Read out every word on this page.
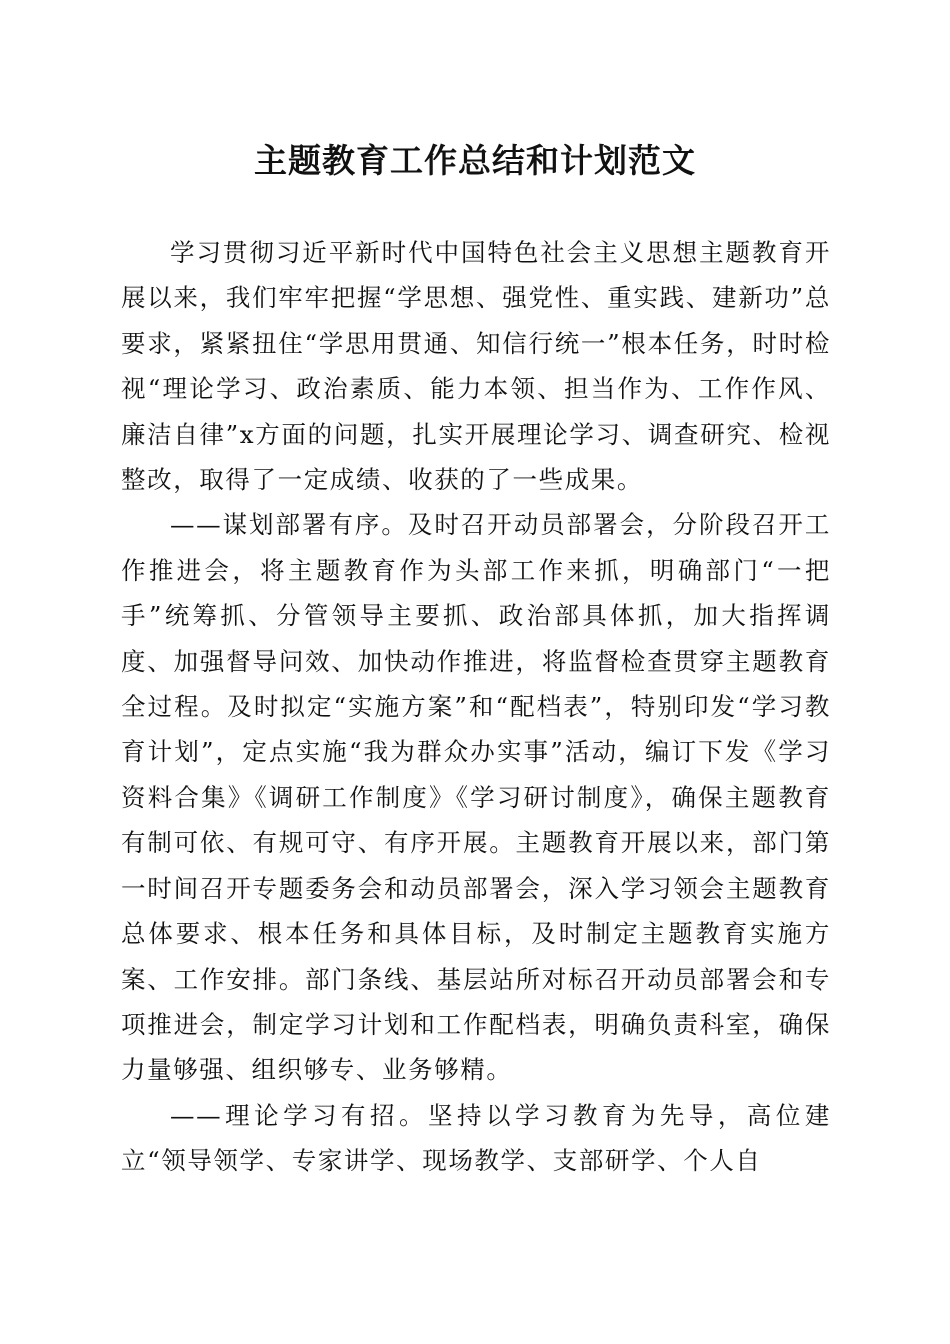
主题教育工作总结和计划范文

学习贯彻习近平新时代中国特色社会主义思想主题教育开展以来，我们牢牢把握“学思想、强党性、重实践、建新功”总要求，紧紧扭住“学思用贯通、知信行统一”根本任务，时时检视“理论学习、政治素质、能力本领、担当作为、工作作风、廉洁自律”x方面的问题，扎实开展理论学习、调查研究、检视整改，取得了一定成绩、收获的了一些成果。

——谋划部署有序。及时召开动员部署会，分阶段召开工作推进会，将主题教育作为头部工作来抓，明确部门“一把手”统筹抓、分管领导主要抓、政治部具体抓，加大指挥调度、加强督导问效、加快动作推进，将监督检查贯穿主题教育全过程。及时拟定“实施方案”和“配档表”，特别印发“学习教育计划”，定点实施“我为群众办实事”活动，编订下发《学习资料合集》《调研工作制度》《学习研讨制度》，确保主题教育有制可依、有规可守、有序开展。主题教育开展以来，部门第一时间召开专题委务会和动员部署会，深入学习领会主题教育总体要求、根本任务和具体目标，及时制定主题教育实施方案、工作安排。部门条线、基层站所对标召开动员部署会和专项推进会，制定学习计划和工作配档表，明确负责科室，确保力量够强、组织够专、业务够精。

——理论学习有招。坚持以学习教育为先导，高位建立“领导领学、专家讲学、现场教学、支部研学、个人自
